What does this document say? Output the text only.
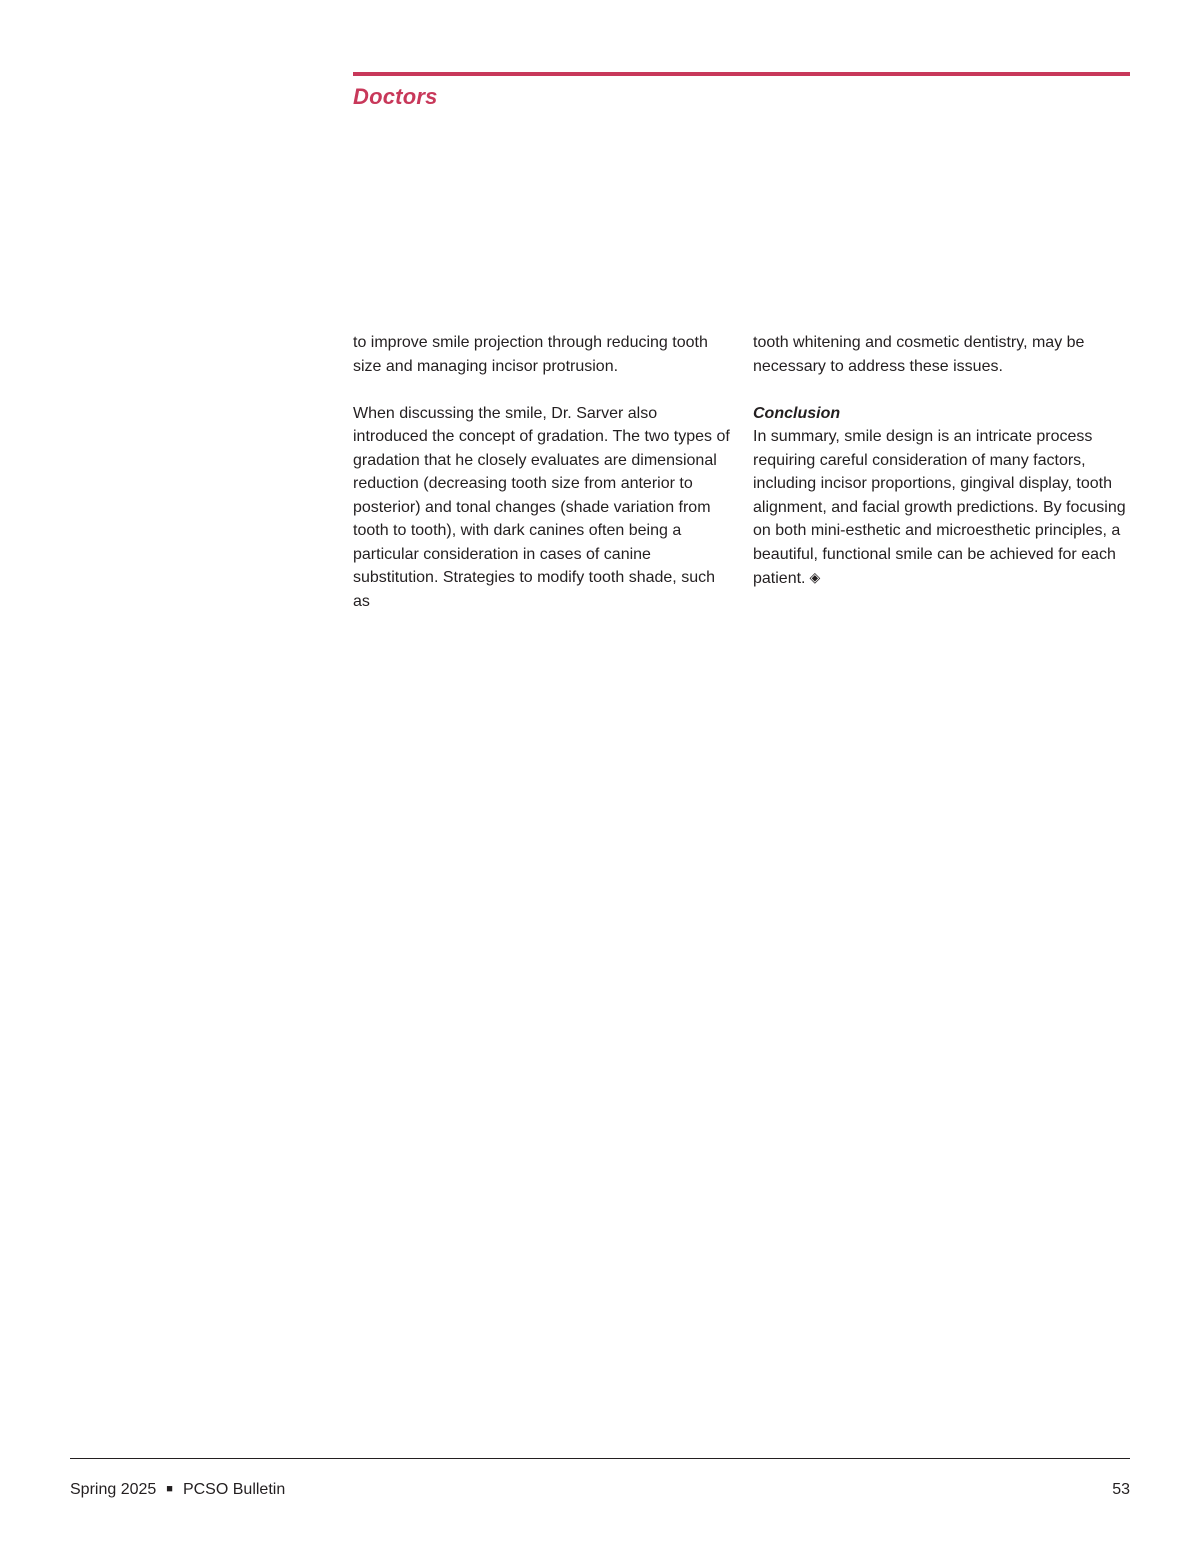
Doctors

to improve smile projection through reducing tooth size and managing incisor protrusion.

When discussing the smile, Dr. Sarver also introduced the concept of gradation. The two types of gradation that he closely evaluates are dimensional reduction (decreasing tooth size from anterior to posterior) and tonal changes (shade variation from tooth to tooth), with dark canines often being a particular consideration in cases of canine substitution. Strategies to modify tooth shade, such as

tooth whitening and cosmetic dentistry, may be necessary to address these issues.

Conclusion

In summary, smile design is an intricate process requiring careful consideration of many factors, including incisor proportions, gingival display, tooth alignment, and facial growth predictions. By focusing on both mini-esthetic and microesthetic principles, a beautiful, functional smile can be achieved for each patient. ◈

Spring 2025 ■ PCSO Bulletin	53
